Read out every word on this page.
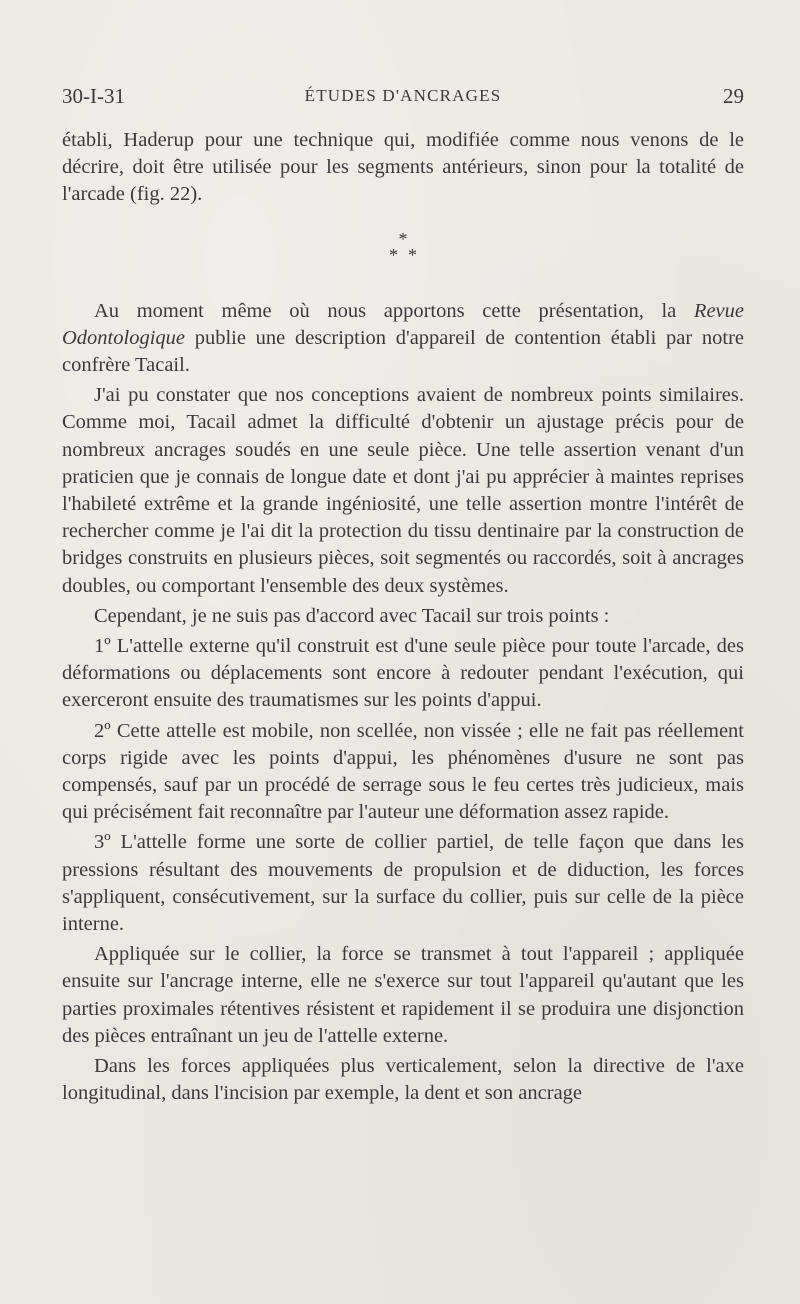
30-I-31	ÉTUDES D'ANCRAGES	29

établi, Haderup pour une technique qui, modifiée comme nous venons de le décrire, doit être utilisée pour les segments antérieurs, sinon pour la totalité de l'arcade (fig. 22).

*
**

Au moment même où nous apportons cette présentation, la Revue Odontologique publie une description d'appareil de contention établi par notre confrère Tacail.

J'ai pu constater que nos conceptions avaient de nombreux points similaires. Comme moi, Tacail admet la difficulté d'obtenir un ajustage précis pour de nombreux ancrages soudés en une seule pièce. Une telle assertion venant d'un praticien que je connais de longue date et dont j'ai pu apprécier à maintes reprises l'habileté extrême et la grande ingéniosité, une telle assertion montre l'intérêt de rechercher comme je l'ai dit la protection du tissu dentinaire par la construction de bridges construits en plusieurs pièces, soit segmentés ou raccordés, soit à ancrages doubles, ou comportant l'ensemble des deux systèmes.

Cependant, je ne suis pas d'accord avec Tacail sur trois points :

1º L'attelle externe qu'il construit est d'une seule pièce pour toute l'arcade, des déformations ou déplacements sont encore à redouter pendant l'exécution, qui exerceront ensuite des traumatismes sur les points d'appui.

2º Cette attelle est mobile, non scellée, non vissée ; elle ne fait pas réellement corps rigide avec les points d'appui, les phénomènes d'usure ne sont pas compensés, sauf par un procédé de serrage sous le feu certes très judicieux, mais qui précisément fait reconnaître par l'auteur une déformation assez rapide.

3º L'attelle forme une sorte de collier partiel, de telle façon que dans les pressions résultant des mouvements de propulsion et de diduction, les forces s'appliquent, consécutivement, sur la surface du collier, puis sur celle de la pièce interne.

Appliquée sur le collier, la force se transmet à tout l'appareil ; appliquée ensuite sur l'ancrage interne, elle ne s'exerce sur tout l'appareil qu'autant que les parties proximales rétentives résistent et rapidement il se produira une disjonction des pièces entraînant un jeu de l'attelle externe.

Dans les forces appliquées plus verticalement, selon la directive de l'axe longitudinal, dans l'incision par exemple, la dent et son ancrage
